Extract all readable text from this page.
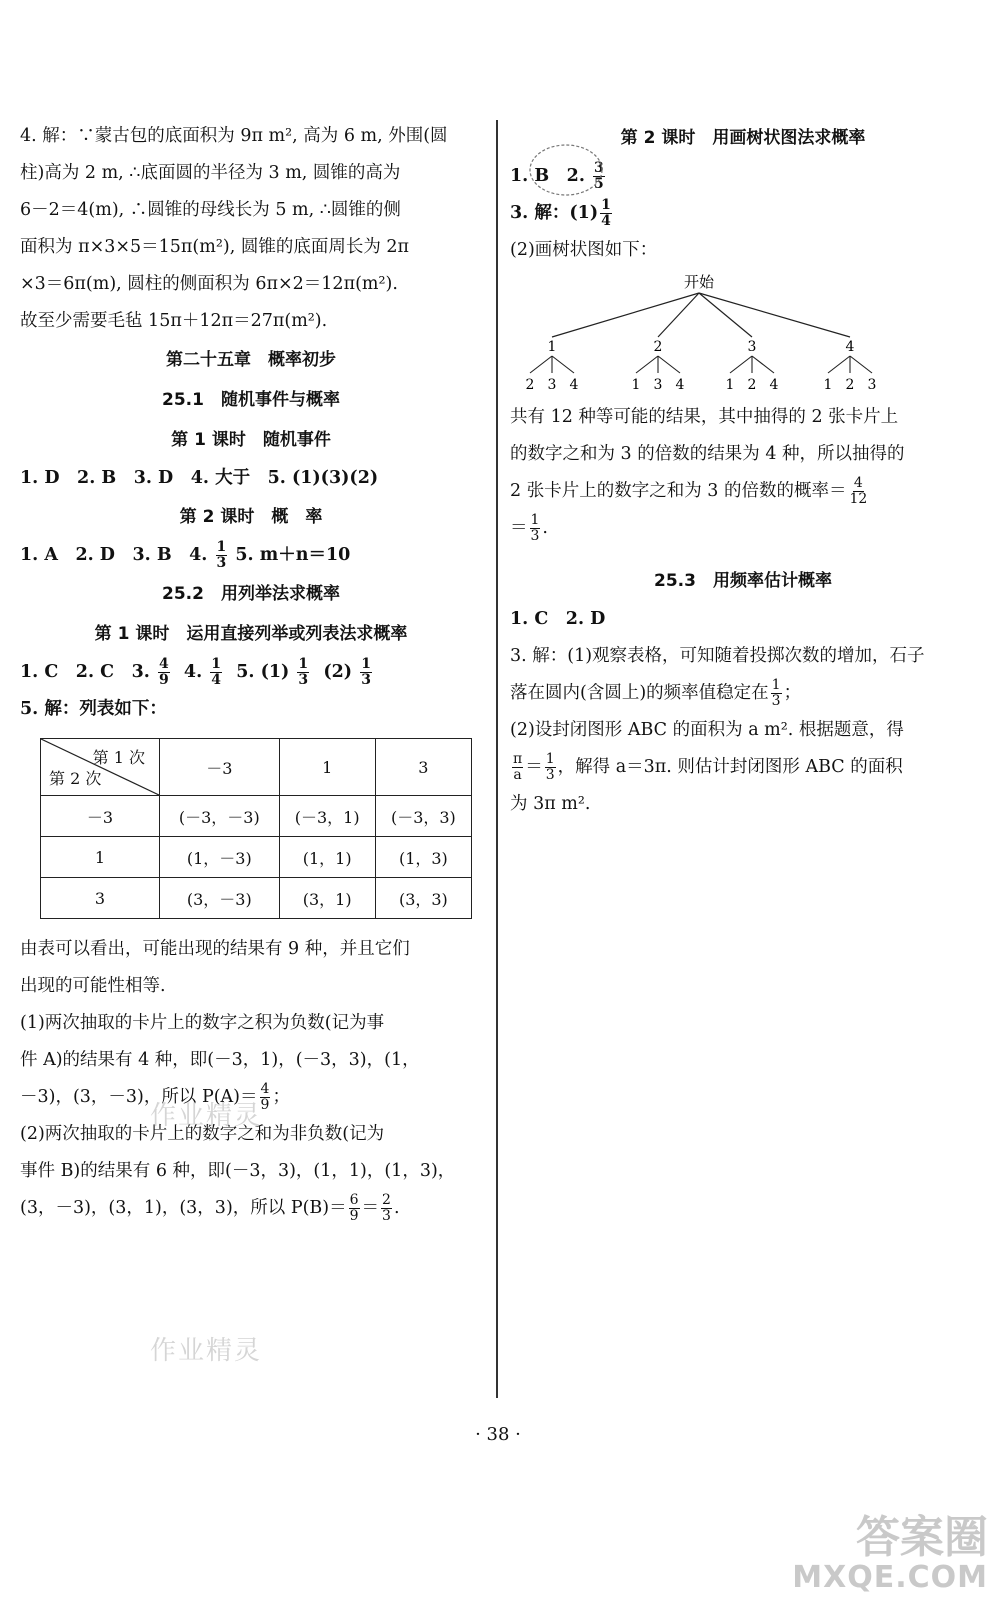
4. 解：∵蒙古包的底面积为 9π m², 高为 6 m, 外围(圆

柱)高为 2 m, ∴底面圆的半径为 3 m, 圆锥的高为

6－2＝4(m), ∴圆锥的母线长为 5 m, ∴圆锥的侧

面积为 π×3×5＝15π(m²), 圆锥的底面周长为 2π

×3＝6π(m), 圆柱的侧面积为 6π×2＝12π(m²).

故至少需要毛毡 15π＋12π＝27π(m²).

第二十五章　概率初步

25.1　随机事件与概率

第 1 课时　随机事件

1. D　2. B　3. D　4. 大于　5. (1)(3)(2)

第 2 课时　概　率

1. A　2. D　3. B　4. $\frac{1}{3} 5$. m＋n＝10

25.2　用列举法求概率

第 1 课时　运用直接列举或列表法求概率

1. C　2. C　3. $\frac{4}{9} 4$. $\frac{1}{4} 5$. $(1) \frac{1}{3} (2) \frac{1}{3}$

5. 解：列表如下：

第 1 次
第 2 次	－3	1	3
－3	(－3，－3)	(－3，1)	(－3，3)
1	(1，－3)	(1，1)	(1，3)
3	(3，－3)	(3，1)	(3，3)

由表可以看出，可能出现的结果有 9 种，并且它们

出现的可能性相等.

(1)两次抽取的卡片上的数字之积为负数(记为事

件 A)的结果有 4 种，即(－3，1)，(－3，3)，(1，

－3)，(3，－3)，所以 $P(A)= \frac{4}{9}$ ；

(2)两次抽取的卡片上的数字之和为非负数(记为

事件 B)的结果有 6 种，即(－3，3)，(1，1)，(1，3)，

(3，－3)，(3，1)，(3，3)，所以 $P(B)= \frac{6}{9} = \frac{2}{3}$ .

第 2 课时　用画树状图法求概率

1. B　2. $\frac{3}{5}$

3. 解：$(1) \frac{1}{4}$

(2)画树状图如下：

开始
1	2	3	4
2 3 4	1 3 4	1 2 4	1 2 3

共有 12 种等可能的结果，其中抽得的 2 张卡片上

的数字之和为 3 的倍数的结果为 4 种，所以抽得的

2 张卡片上的数字之和为 3 的倍数的概率＝ $\frac{4}{12}$

＝ $\frac{1}{3}$ .

25.3　用频率估计概率

1. C　2. D

3. 解：(1)观察表格，可知随着投掷次数的增加，石子

落在圆内(含圆上)的频率值稳定在 $\frac{1}{3}$ ；

(2)设封闭图形 ABC 的面积为 a m². 根据题意，得

$\frac{\pi}{a} = \frac{1}{3}$ ，解得 a＝3π. 则估计封闭图形 ABC 的面积

为 3π m².

作业精灵
作业精灵
· 38 ·
答案圈
MXQE.COM
